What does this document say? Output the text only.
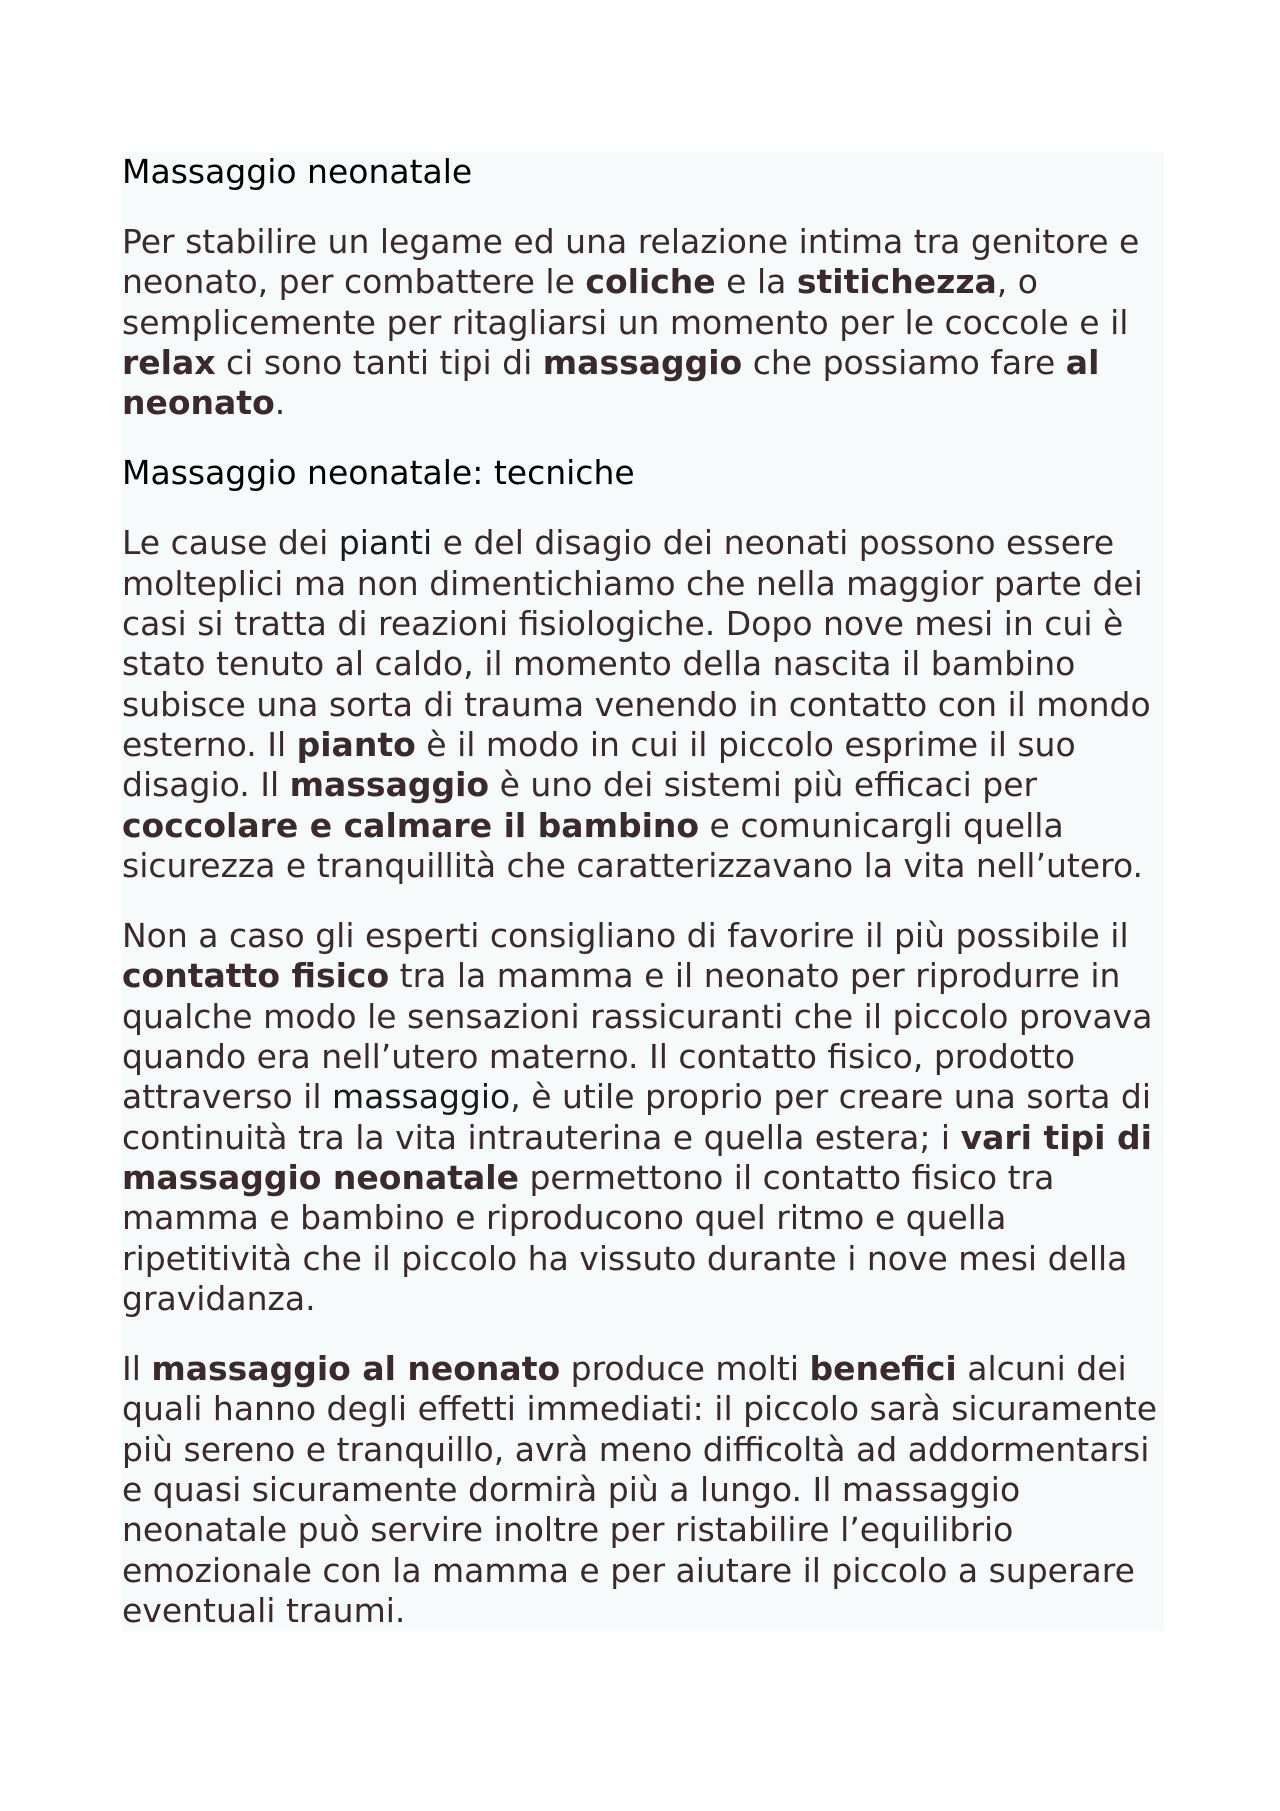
Massaggio neonatale

Per stabilire un legame ed una relazione intima tra genitore e neonato, per combattere le coliche e la stitichezza, o semplicemente per ritagliarsi un momento per le coccole e il relax ci sono tanti tipi di massaggio che possiamo fare al neonato.

Massaggio neonatale: tecniche

Le cause dei pianti e del disagio dei neonati possono essere molteplici ma non dimentichiamo che nella maggior parte dei casi si tratta di reazioni fisiologiche. Dopo nove mesi in cui è stato tenuto al caldo, il momento della nascita il bambino subisce una sorta di trauma venendo in contatto con il mondo esterno. Il pianto è il modo in cui il piccolo esprime il suo disagio. Il massaggio è uno dei sistemi più efficaci per coccolare e calmare il bambino e comunicargli quella sicurezza e tranquillità che caratterizzavano la vita nell’utero.

Non a caso gli esperti consigliano di favorire il più possibile il contatto fisico tra la mamma e il neonato per riprodurre in qualche modo le sensazioni rassicuranti che il piccolo provava quando era nell’utero materno. Il contatto fisico, prodotto attraverso il massaggio, è utile proprio per creare una sorta di continuità tra la vita intrauterina e quella estera; i vari tipi di massaggio neonatale permettono il contatto fisico tra mamma e bambino e riproducono quel ritmo e quella ripetitività che il piccolo ha vissuto durante i nove mesi della gravidanza.

Il massaggio al neonato produce molti benefici alcuni dei quali hanno degli effetti immediati: il piccolo sarà sicuramente più sereno e tranquillo, avrà meno difficoltà ad addormentarsi e quasi sicuramente dormirà più a lungo. Il massaggio neonatale può servire inoltre per ristabilire l’equilibrio emozionale con la mamma e per aiutare il piccolo a superare eventuali traumi.
